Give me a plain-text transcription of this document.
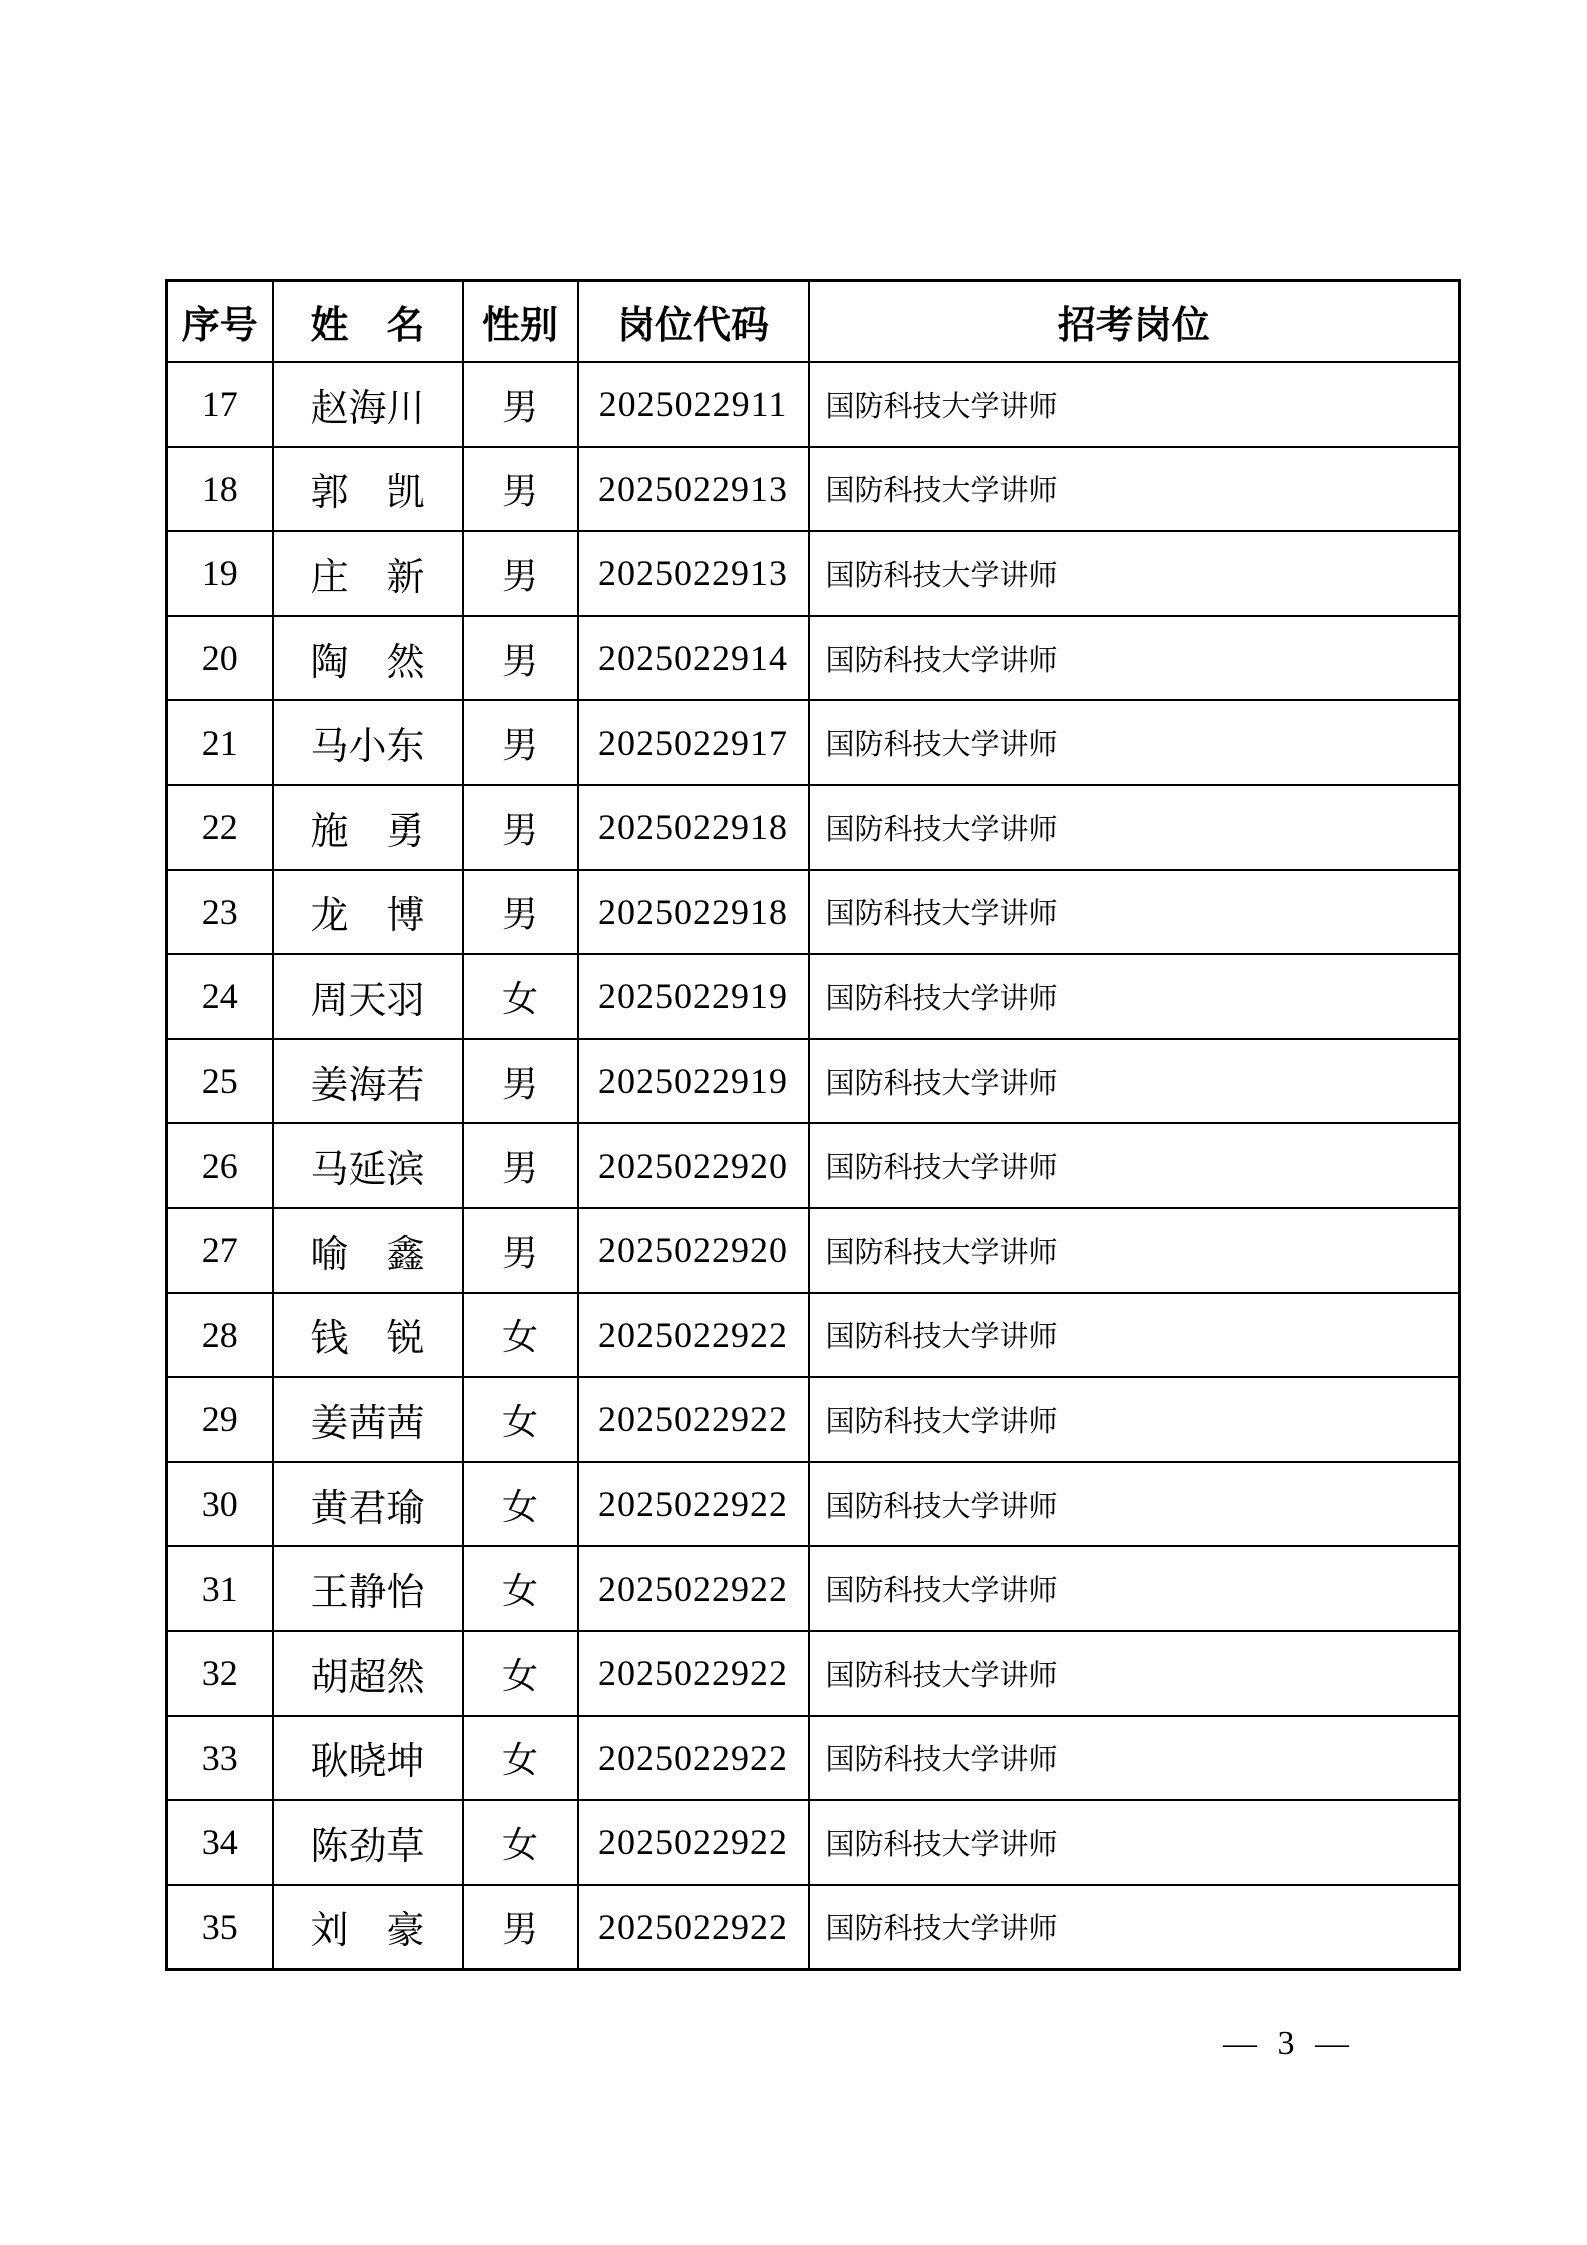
序号	姓　名	性别	岗位代码	招考岗位
17	赵海川	男	2025022911	国防科技大学讲师
18	郭　凯	男	2025022913	国防科技大学讲师
19	庄　新	男	2025022913	国防科技大学讲师
20	陶　然	男	2025022914	国防科技大学讲师
21	马小东	男	2025022917	国防科技大学讲师
22	施　勇	男	2025022918	国防科技大学讲师
23	龙　博	男	2025022918	国防科技大学讲师
24	周天羽	女	2025022919	国防科技大学讲师
25	姜海若	男	2025022919	国防科技大学讲师
26	马延滨	男	2025022920	国防科技大学讲师
27	喻　鑫	男	2025022920	国防科技大学讲师
28	钱　锐	女	2025022922	国防科技大学讲师
29	姜茜茜	女	2025022922	国防科技大学讲师
30	黄君瑜	女	2025022922	国防科技大学讲师
31	王静怡	女	2025022922	国防科技大学讲师
32	胡超然	女	2025022922	国防科技大学讲师
33	耿晓坤	女	2025022922	国防科技大学讲师
34	陈劲草	女	2025022922	国防科技大学讲师
35	刘　豪	男	2025022922	国防科技大学讲师
— 3 —
